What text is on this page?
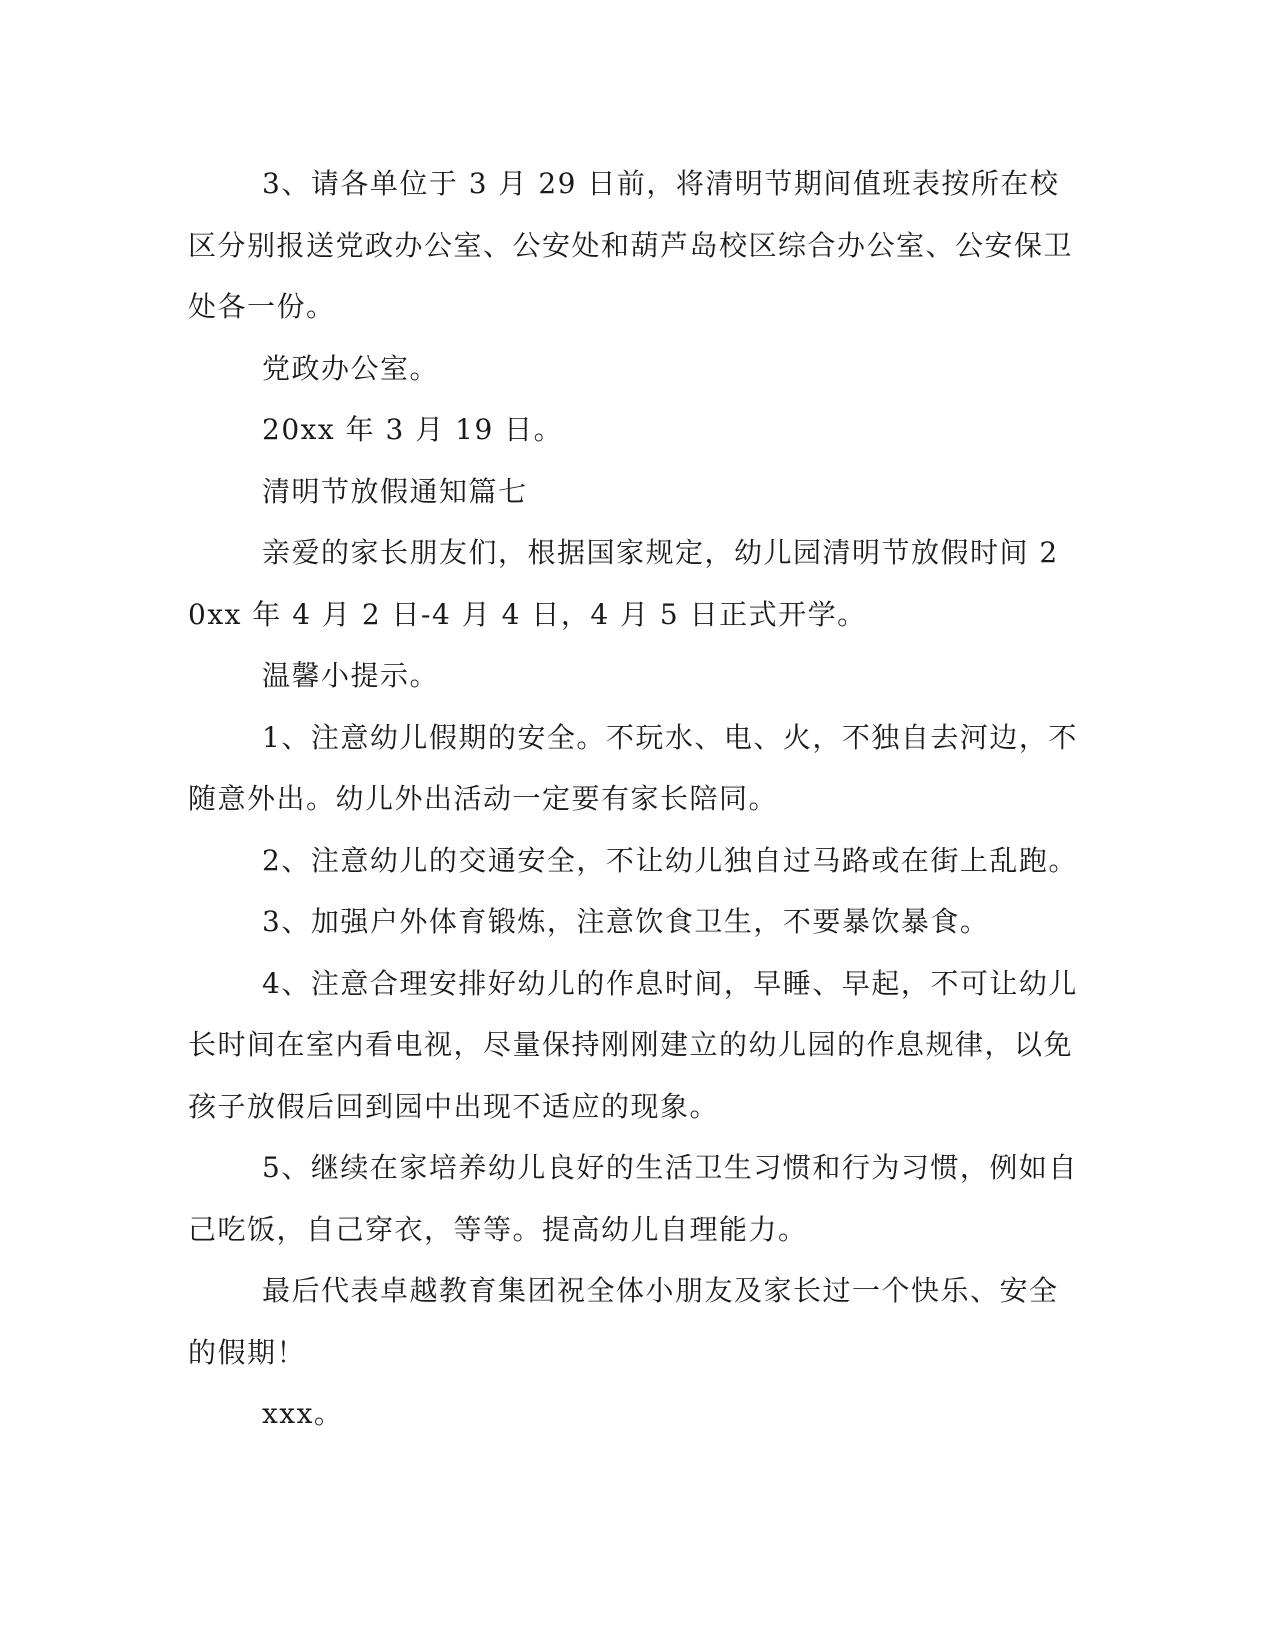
3、请各单位于 3 月 29 日前，将清明节期间值班表按所在校区分别报送党政办公室、公安处和葫芦岛校区综合办公室、公安保卫处各一份。

党政办公室。

20xx 年 3 月 19 日。

清明节放假通知篇七

亲爱的家长朋友们，根据国家规定，幼儿园清明节放假时间 20xx 年 4 月 2 日-4 月 4 日，4 月 5 日正式开学。

温馨小提示。

1、注意幼儿假期的安全。不玩水、电、火，不独自去河边，不随意外出。幼儿外出活动一定要有家长陪同。

2、注意幼儿的交通安全，不让幼儿独自过马路或在街上乱跑。

3、加强户外体育锻炼，注意饮食卫生，不要暴饮暴食。

4、注意合理安排好幼儿的作息时间，早睡、早起，不可让幼儿长时间在室内看电视，尽量保持刚刚建立的幼儿园的作息规律，以免孩子放假后回到园中出现不适应的现象。

5、继续在家培养幼儿良好的生活卫生习惯和行为习惯，例如自己吃饭，自己穿衣，等等。提高幼儿自理能力。

最后代表卓越教育集团祝全体小朋友及家长过一个快乐、安全的假期！

xxx。
